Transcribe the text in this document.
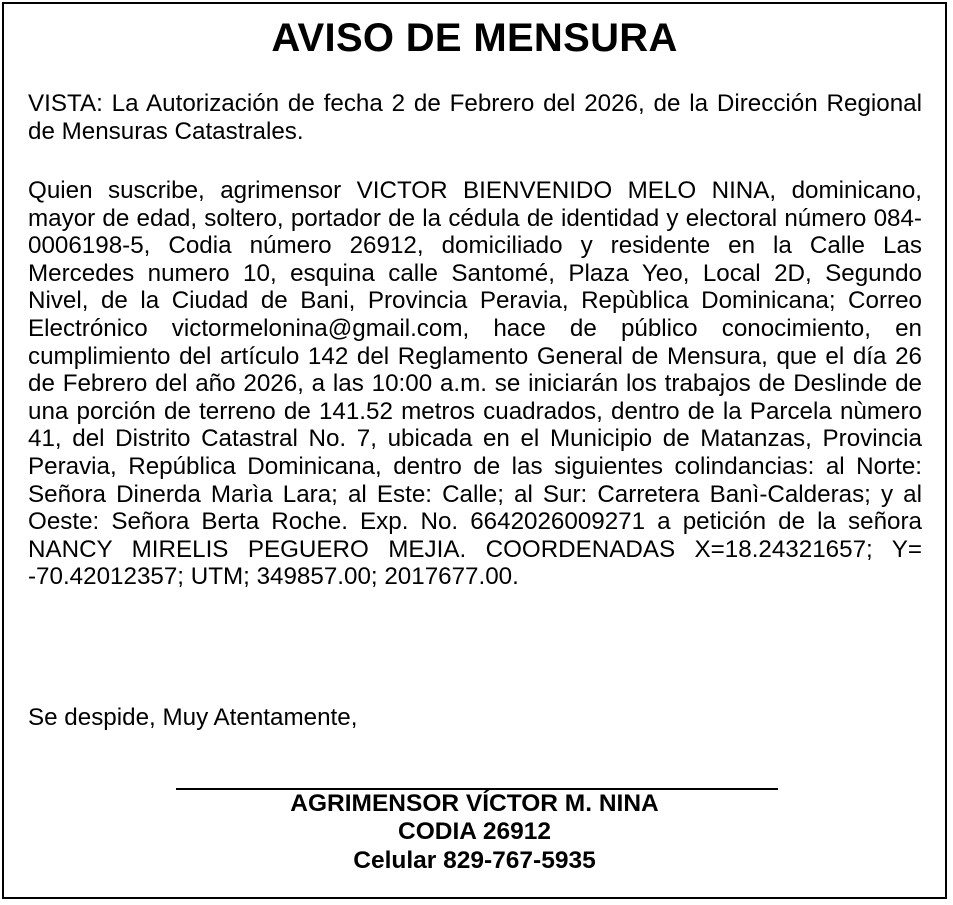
AVISO DE MENSURA

VISTA: La Autorización de fecha 2 de Febrero del 2026, de la Dirección Regional de Mensuras Catastrales.

Quien suscribe, agrimensor VICTOR BIENVENIDO MELO NINA, dominicano, mayor de edad, soltero, portador de la cédula de identidad y electoral número 084-0006198-5, Codia número 26912, domiciliado y residente en la Calle Las Mercedes numero 10, esquina calle Santomé, Plaza Yeo, Local 2D, Segundo Nivel, de la Ciudad de Bani, Provincia Peravia, Repùblica Dominicana; Correo Electrónico victormelonina@gmail.com, hace de público conocimiento, en cumplimiento del artículo 142 del Reglamento General de Mensura, que el día 26 de Febrero del año 2026, a las 10:00 a.m. se iniciarán los trabajos de Deslinde de una porción de terreno de 141.52 metros cuadrados, dentro de la Parcela nùmero 41, del Distrito Catastral No. 7, ubicada en el Municipio de Matanzas, Provincia Peravia, República Dominicana, dentro de las siguientes colindancias: al Norte: Señora Dinerda Marìa Lara; al Este: Calle; al Sur: Carretera Banì-Calderas; y al Oeste: Señora Berta Roche. Exp. No. 6642026009271 a petición de la señora NANCY MIRELIS PEGUERO MEJIA. COORDENADAS X=18.24321657; Y= -70.42012357; UTM; 349857.00; 2017677.00.

Se despide, Muy Atentamente,

AGRIMENSOR VÍCTOR M. NINA
CODIA 26912
Celular 829-767-5935
